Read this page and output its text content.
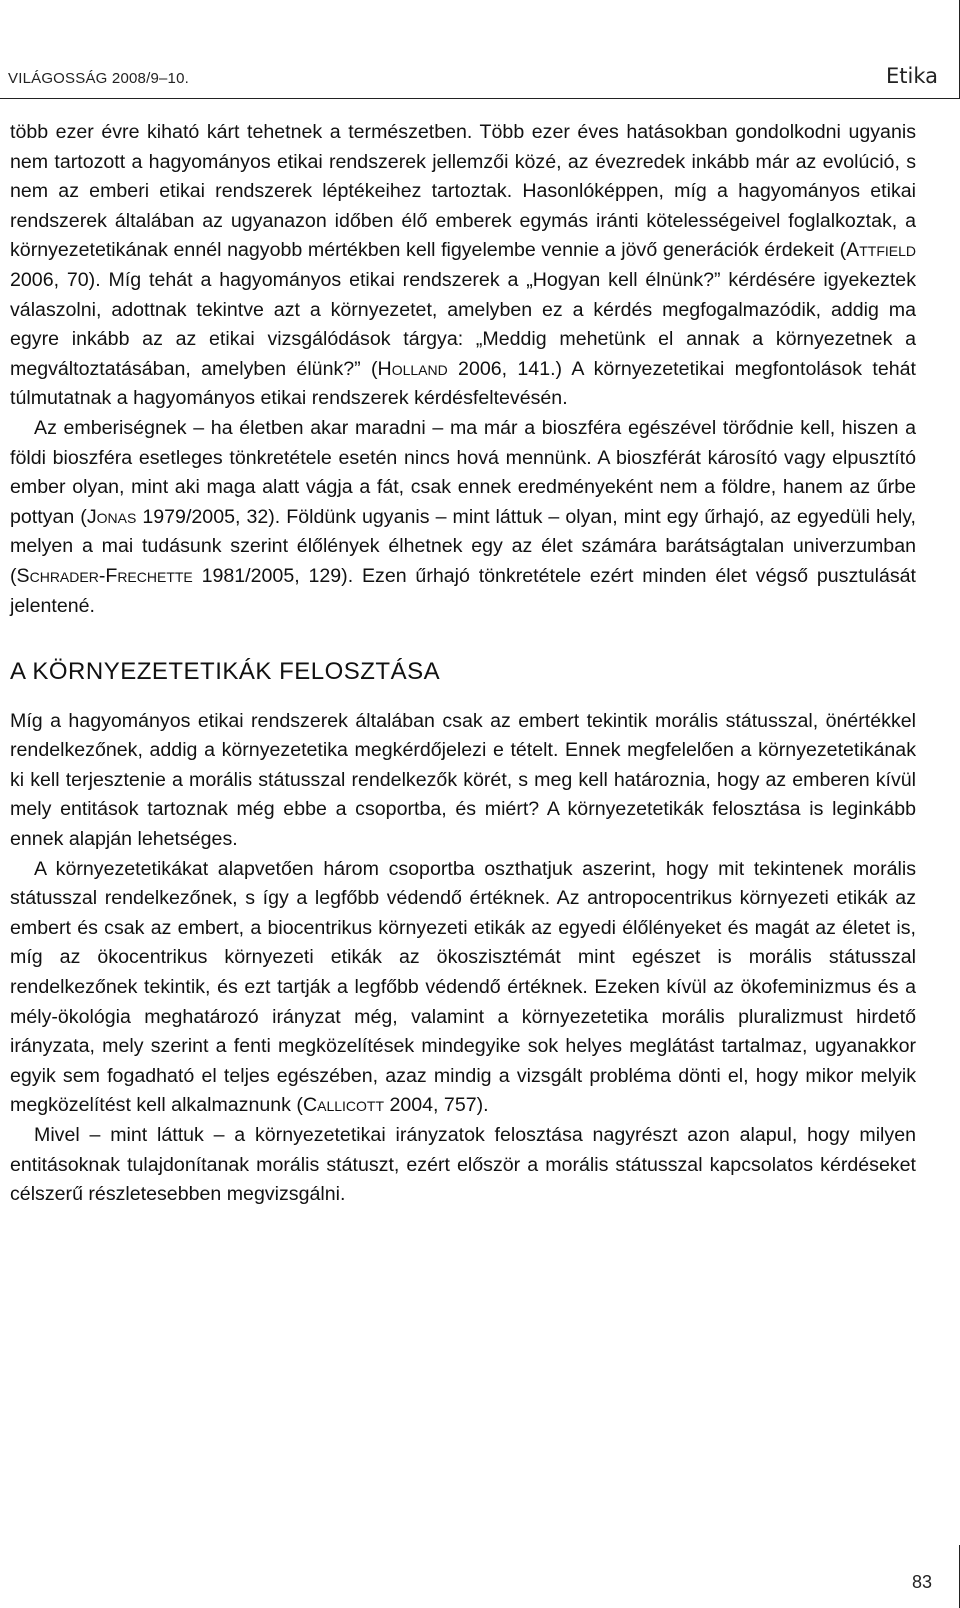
VILÁGOSSÁG 2008/9–10.	Etika

több ezer évre kiható kárt tehetnek a természetben. Több ezer éves hatásokban gondolkodni ugyanis nem tartozott a hagyományos etikai rendszerek jellemzői közé, az évezredek inkább már az evolúció, s nem az emberi etikai rendszerek léptékeihez tartoztak. Hasonlóképpen, míg a hagyományos etikai rendszerek általában az ugyanazon időben élő emberek egymás iránti kötelességeivel foglalkoztak, a környezetetikának ennél nagyobb mértékben kell figyelembe vennie a jövő generációk érdekeit (Attfield 2006, 70). Míg tehát a hagyományos etikai rendszerek a „Hogyan kell élnünk?” kérdésére igyekeztek válaszolni, adottnak tekintve azt a környezetet, amelyben ez a kérdés megfogalmazódik, addig ma egyre inkább az az etikai vizsgálódások tárgya: „Meddig mehetünk el annak a környezetnek a megváltoztatásában, amelyben élünk?” (Holland 2006, 141.) A környezetetikai megfontolások tehát túlmutatnak a hagyományos etikai rendszerek kérdésfeltevésén.

Az emberiségnek – ha életben akar maradni – ma már a bioszféra egészével törődnie kell, hiszen a földi bioszféra esetleges tönkretétele esetén nincs hová mennünk. A bioszférát károsító vagy elpusztító ember olyan, mint aki maga alatt vágja a fát, csak ennek eredményeként nem a földre, hanem az űrbe pottyan (Jonas 1979/2005, 32). Földünk ugyanis – mint láttuk – olyan, mint egy űrhajó, az egyedüli hely, melyen a mai tudásunk szerint élőlények élhetnek egy az élet számára barátságtalan univerzumban (Schrader-Frechette 1981/2005, 129). Ezen űrhajó tönkretétele ezért minden élet végső pusztulását jelentené.

A KÖRNYEZETETIKÁK FELOSZTÁSA

Míg a hagyományos etikai rendszerek általában csak az embert tekintik morális státusszal, önértékkel rendelkezőnek, addig a környezetetika megkérdőjelezi e tételt. Ennek megfelelően a környezetetikának ki kell terjesztenie a morális státusszal rendelkezők körét, s meg kell határoznia, hogy az emberen kívül mely entitások tartoznak még ebbe a csoportba, és miért? A környezetetikák felosztása is leginkább ennek alapján lehetséges.

A környezetetikákat alapvetően három csoportba oszthatjuk aszerint, hogy mit tekintenek morális státusszal rendelkezőnek, s így a legfőbb védendő értéknek. Az antropocentrikus környezeti etikák az embert és csak az embert, a biocentrikus környezeti etikák az egyedi élőlényeket és magát az életet is, míg az ökocentrikus környezeti etikák az ökoszisztémát mint egészet is morális státusszal rendelkezőnek tekintik, és ezt tartják a legfőbb védendő értéknek. Ezeken kívül az ökofeminizmus és a mély-ökológia meghatározó irányzat még, valamint a környezetetika morális pluralizmust hirdető irányzata, mely szerint a fenti megközelítések mindegyike sok helyes meglátást tartalmaz, ugyanakkor egyik sem fogadható el teljes egészében, azaz mindig a vizsgált probléma dönti el, hogy mikor melyik megközelítést kell alkalmaznunk (Callicott 2004, 757).

Mivel – mint láttuk – a környezetetikai irányzatok felosztása nagyrészt azon alapul, hogy milyen entitásoknak tulajdonítanak morális státuszt, ezért először a morális státusszal kapcsolatos kérdéseket célszerű részletesebben megvizsgálni.

83
